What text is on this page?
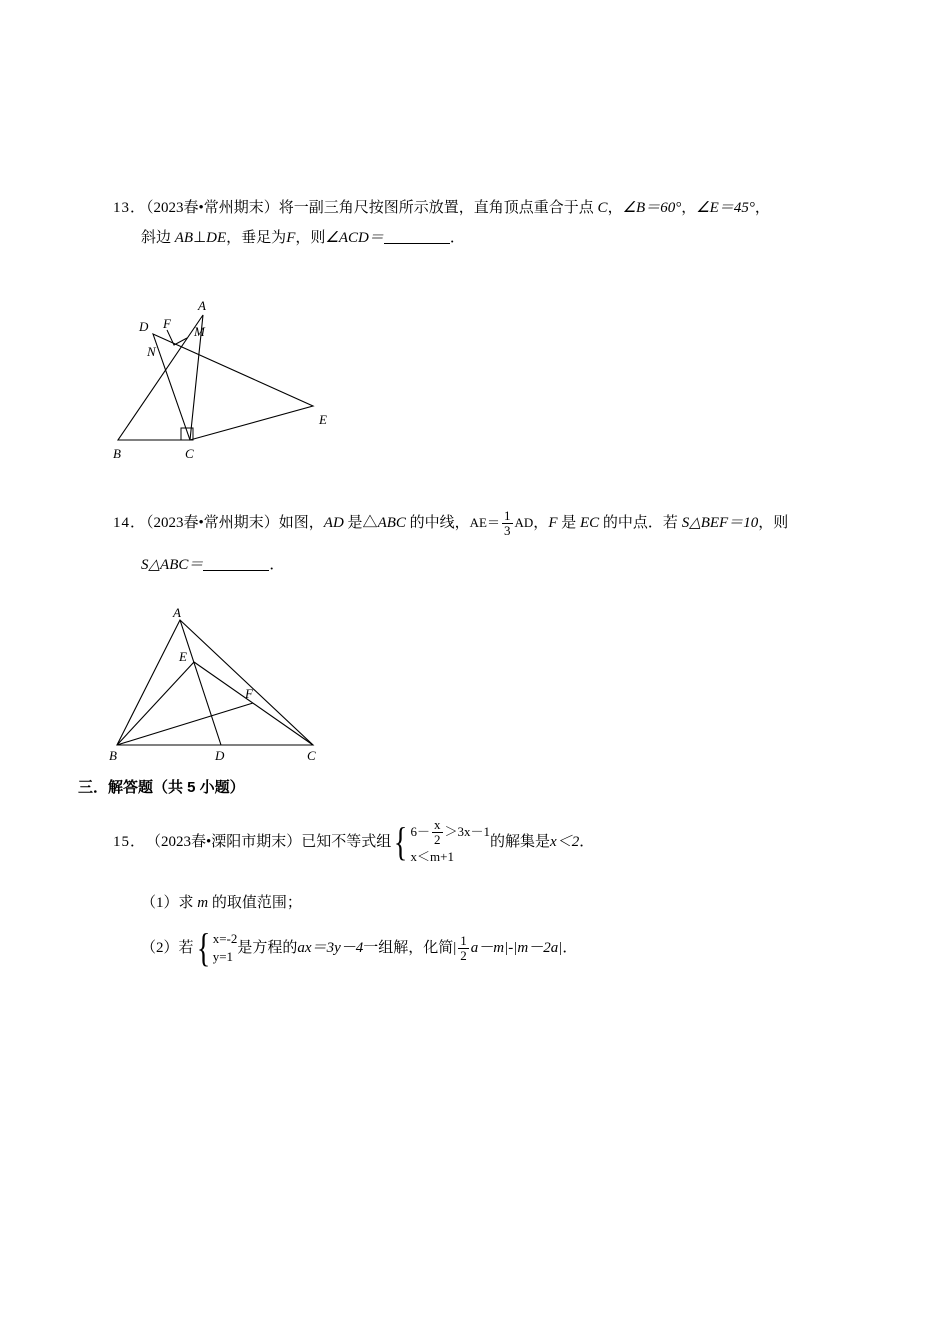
13．（2023春•常州期末）将一副三角尺按图所示放置，直角顶点重合于点 C，∠B＝60°，∠E＝45°，
斜边 AB⊥DE，垂足为F，则∠ACD＝	．
A
D F
M
N
E
B	C
14．（2023春•常州期末）如图，AD 是△ABC 的中线，$AE= \frac{1}{3}$ AD，F 是 EC 的中点．若 S△BEF＝10，则
S△ABC＝	．
A
E
F
B	D	C
三．解答题（共 5 小题）
15． （2023春•溧阳市期末） 已知不等式组 { $6- \frac{x}{2} >3x-1$
x＜m+1
的解集是 x＜2 ．
（1）求 m 的取值范围；
（2）若 { x=-2
y=1
是方程的 ax＝3y－4 一组解，化简 | $\frac{1}{2} a-m| - |m-2a|$ ．
